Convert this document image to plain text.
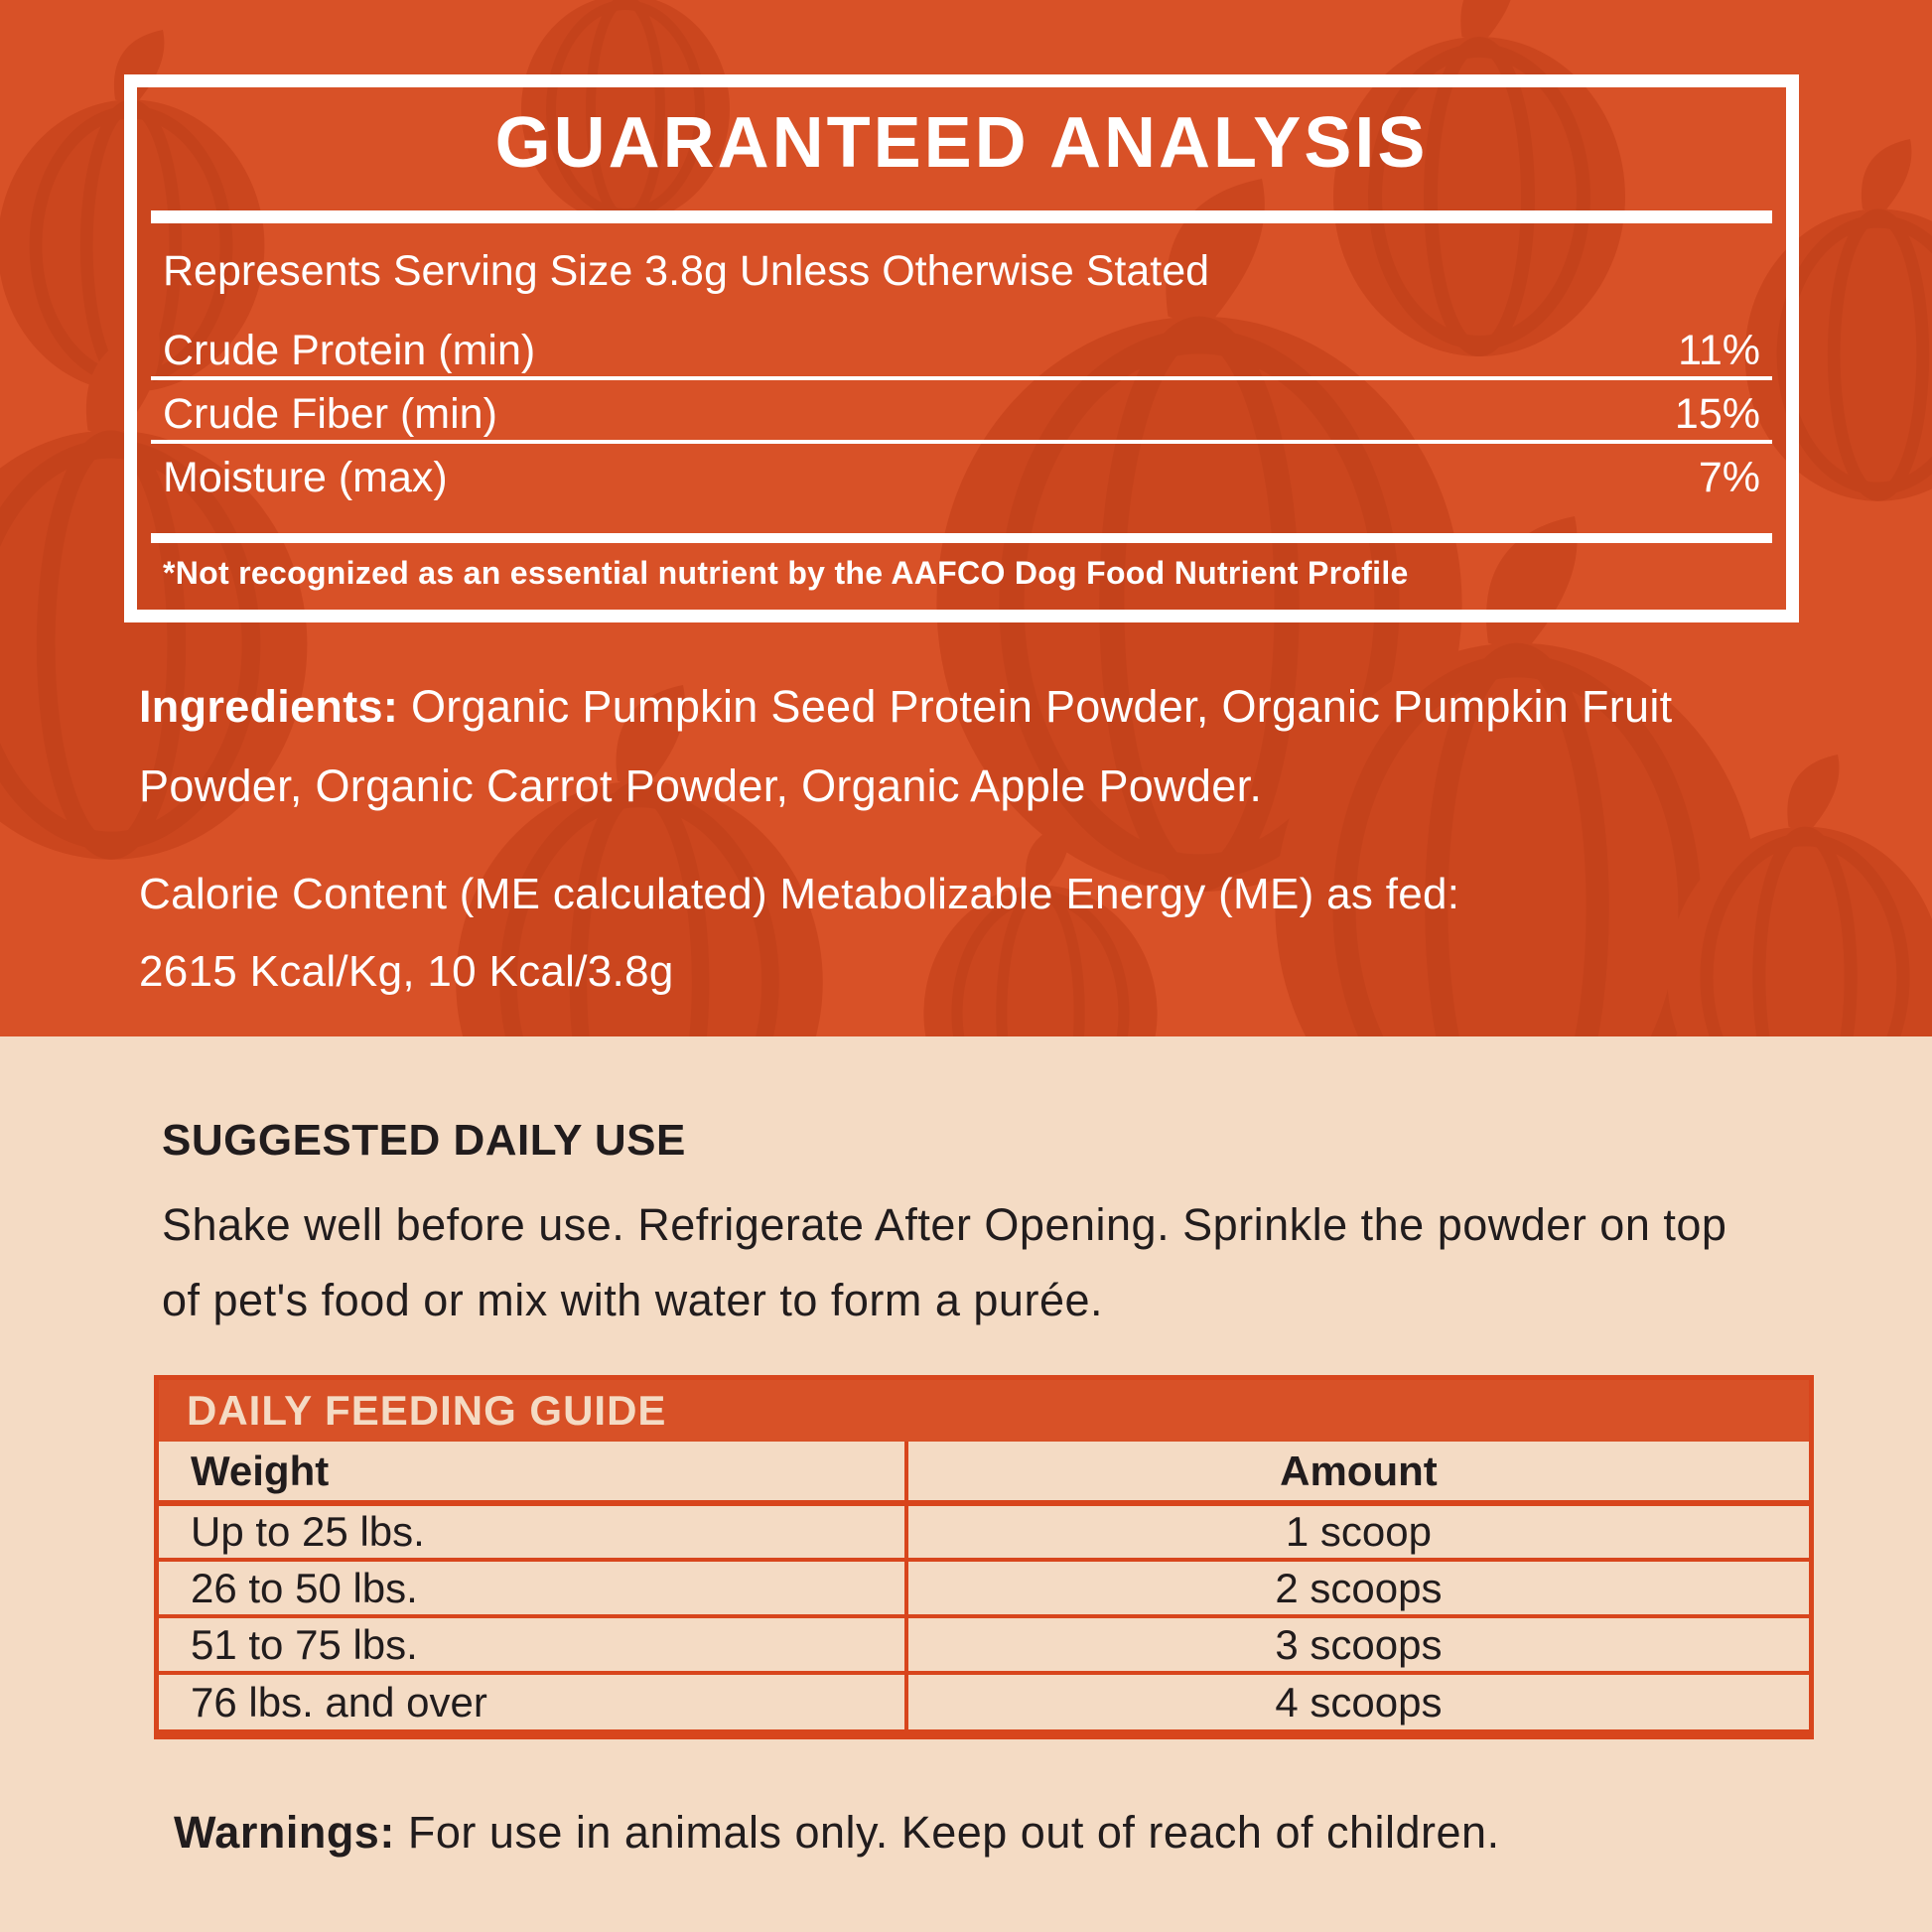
GUARANTEED ANALYSIS
Represents Serving Size 3.8g Unless Otherwise Stated
Crude Protein (min)	11%
Crude Fiber (min)	15%
Moisture (max)	7%
*Not recognized as an essential nutrient by the AAFCO Dog Food Nutrient Profile

Ingredients: Organic Pumpkin Seed Protein Powder, Organic Pumpkin Fruit Powder, Organic Carrot Powder, Organic Apple Powder.

Calorie Content (ME calculated) Metabolizable Energy (ME) as fed:
2615 Kcal/Kg, 10 Kcal/3.8g

SUGGESTED DAILY USE
Shake well before use. Refrigerate After Opening. Sprinkle the powder on top of pet's food or mix with water to form a purée.
DAILY FEEDING GUIDE
Weight	Amount
Up to 25 lbs.	1 scoop
26 to 50 lbs.	2 scoops
51 to 75 lbs.	3 scoops
76 lbs. and over	4 scoops

Warnings: For use in animals only. Keep out of reach of children.
